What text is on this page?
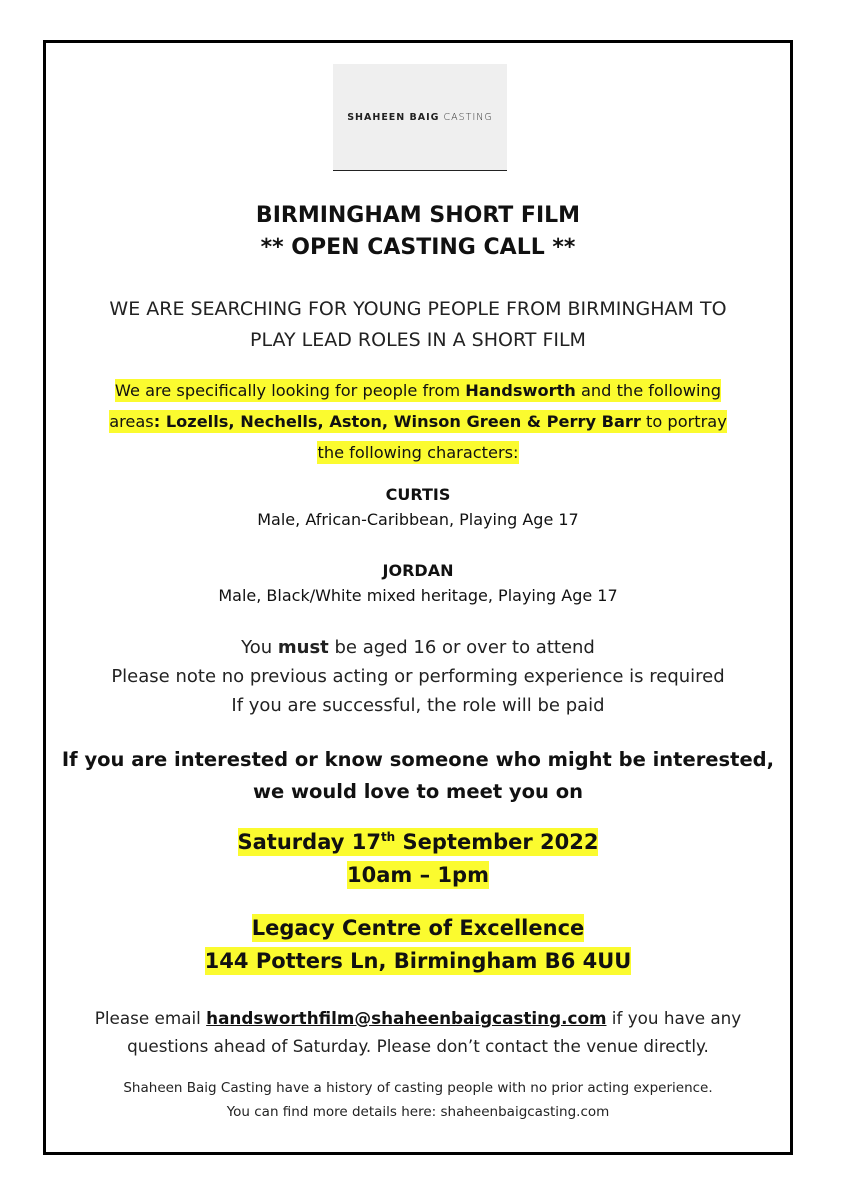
SHAHEEN BAIG CASTING
BIRMINGHAM SHORT FILM
** OPEN CASTING CALL **
WE ARE SEARCHING FOR YOUNG PEOPLE FROM BIRMINGHAM TO
PLAY LEAD ROLES IN A SHORT FILM
We are specifically looking for people from Handsworth and the following areas: Lozells, Nechells, Aston, Winson Green & Perry Barr to portray the following characters:
CURTIS
Male, African-Caribbean, Playing Age 17
JORDAN
Male, Black/White mixed heritage, Playing Age 17
You must be aged 16 or over to attend
Please note no previous acting or performing experience is required
If you are successful, the role will be paid
If you are interested or know someone who might be interested,
we would love to meet you on
Saturday 17th September 2022
10am – 1pm
Legacy Centre of Excellence
144 Potters Ln, Birmingham B6 4UU
Please email handsworthfilm@shaheenbaigcasting.com if you have any
questions ahead of Saturday. Please don’t contact the venue directly.
Shaheen Baig Casting have a history of casting people with no prior acting experience.
You can find more details here: shaheenbaigcasting.com
